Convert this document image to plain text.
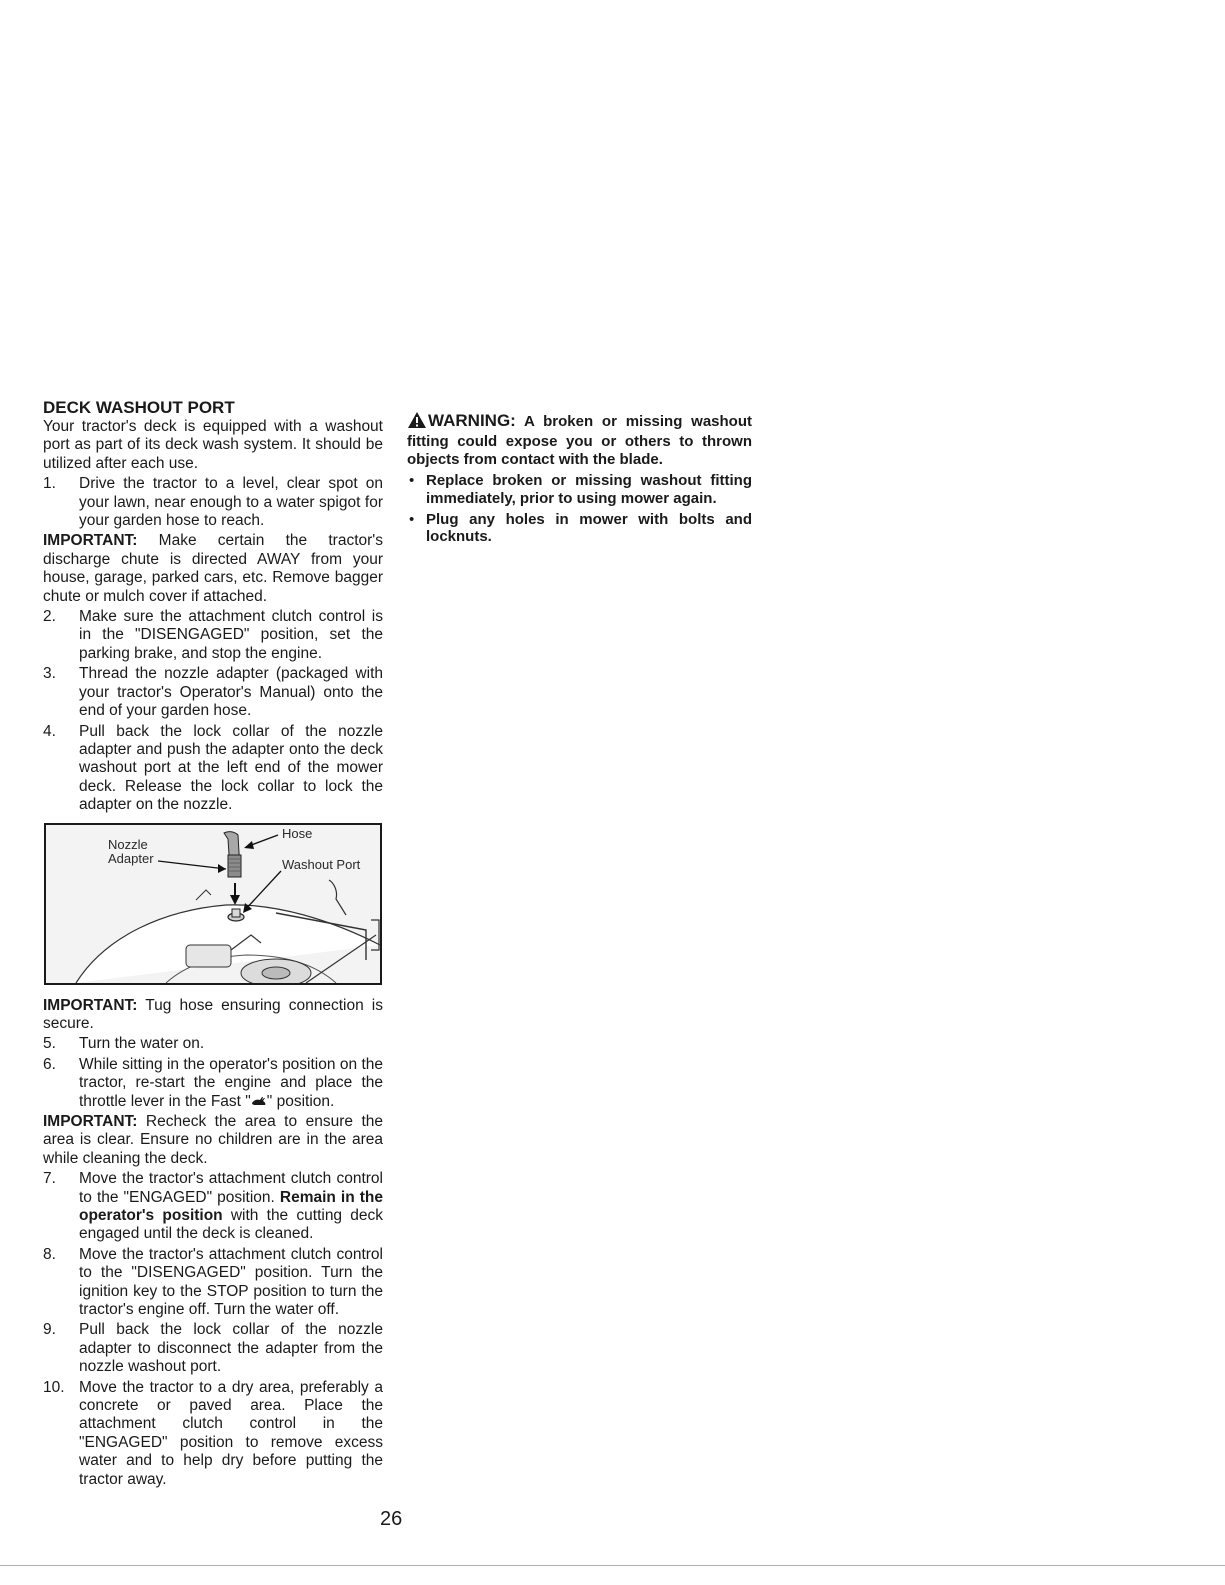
DECK WASHOUT PORT

Your tractor's deck is equipped with a washout port as part of its deck wash system. It should be utilized after each use.

1. Drive the tractor to a level, clear spot on your lawn, near enough to a water spigot for your garden hose to reach.

IMPORTANT: Make certain the tractor's discharge chute is directed AWAY from your house, garage, parked cars, etc. Remove bagger chute or mulch cover if attached.

2. Make sure the attachment clutch control is in the "DISENGAGED" position, set the parking brake, and stop the engine.
3. Thread the nozzle adapter (packaged with your tractor's Operator's Manual) onto the end of your garden hose.
4. Pull back the lock collar of the nozzle adapter and push the adapter onto the deck washout port at the left end of the mower deck. Release the lock collar to lock the adapter on the nozzle.
Nozzle
Adapter
Hose
Washout Port

IMPORTANT: Tug hose ensuring connection is secure.

5. Turn the water on.
6. While sitting in the operator's position on the tractor, re-start the engine and place the throttle lever in the Fast " " position.

IMPORTANT: Recheck the area to ensure the area is clear. Ensure no children are in the area while cleaning the deck.

7. Move the tractor's attachment clutch control to the "ENGAGED" position. Remain in the operator's position with the cutting deck engaged until the deck is cleaned.
8. Move the tractor's attachment clutch control to the "DISENGAGED" position. Turn the ignition key to the STOP position to turn the tractor's engine off. Turn the water off.
9. Pull back the lock collar of the nozzle adapter to disconnect the adapter from the nozzle washout port.
10. Move the tractor to a dry area, preferably a concrete or paved area. Place the attachment clutch control in the "ENGAGED" position to remove excess water and to help dry before putting the tractor away.

WARNING: A broken or missing washout fitting could expose you or others to thrown objects from contact with the blade.

• Replace broken or missing washout fitting immediately, prior to using mower again.
• Plug any holes in mower with bolts and locknuts.
26
